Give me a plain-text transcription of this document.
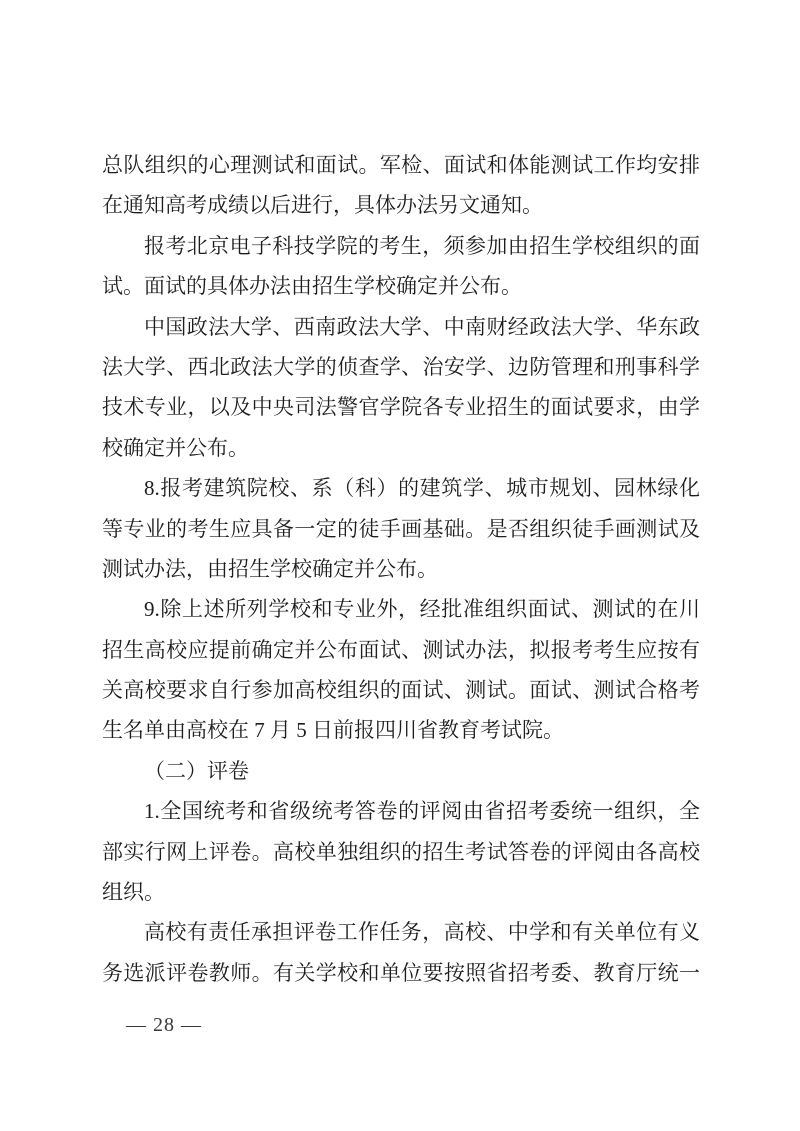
总队组织的心理测试和面试。军检、面试和体能测试工作均安排
在通知高考成绩以后进行，具体办法另文通知。
报考北京电子科技学院的考生，须参加由招生学校组织的面
试。面试的具体办法由招生学校确定并公布。
中国政法大学、西南政法大学、中南财经政法大学、华东政
法大学、西北政法大学的侦查学、治安学、边防管理和刑事科学
技术专业，以及中央司法警官学院各专业招生的面试要求，由学
校确定并公布。
8.报考建筑院校、系（科）的建筑学、城市规划、园林绿化
等专业的考生应具备一定的徒手画基础。是否组织徒手画测试及
测试办法，由招生学校确定并公布。
9.除上述所列学校和专业外，经批准组织面试、测试的在川
招生高校应提前确定并公布面试、测试办法，拟报考考生应按有
关高校要求自行参加高校组织的面试、测试。面试、测试合格考
生名单由高校在 7 月 5 日前报四川省教育考试院。
（二）评卷
1.全国统考和省级统考答卷的评阅由省招考委统一组织，全
部实行网上评卷。高校单独组织的招生考试答卷的评阅由各高校
组织。
高校有责任承担评卷工作任务，高校、中学和有关单位有义
务选派评卷教师。有关学校和单位要按照省招考委、教育厅统一
— 28 —
